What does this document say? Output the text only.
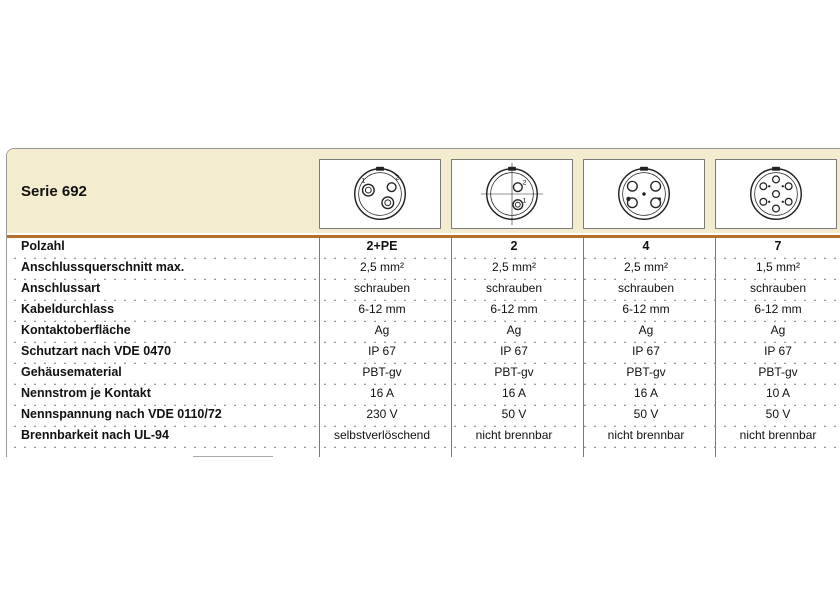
Serie 692
1	2
2
1
Polzahl	2+PE	2	4	7
Anschlussquerschnitt max.	2,5 mm²	2,5 mm²	2,5 mm²	1,5 mm²
Anschlussart	schrauben	schrauben	schrauben	schrauben
Kabeldurchlass	6-12 mm	6-12 mm	6-12 mm	6-12 mm
Kontaktoberfläche	Ag	Ag	Ag	Ag
Schutzart nach VDE 0470	IP 67	IP 67	IP 67	IP 67
Gehäusematerial	PBT-gv	PBT-gv	PBT-gv	PBT-gv
Nennstrom je Kontakt	16 A	16 A	16 A	10 A
Nennspannung nach VDE 0110/72	230 V	50 V	50 V	50 V
Brennbarkeit nach UL-94	selbstverlöschend	nicht brennbar	nicht brennbar	nicht brennbar
